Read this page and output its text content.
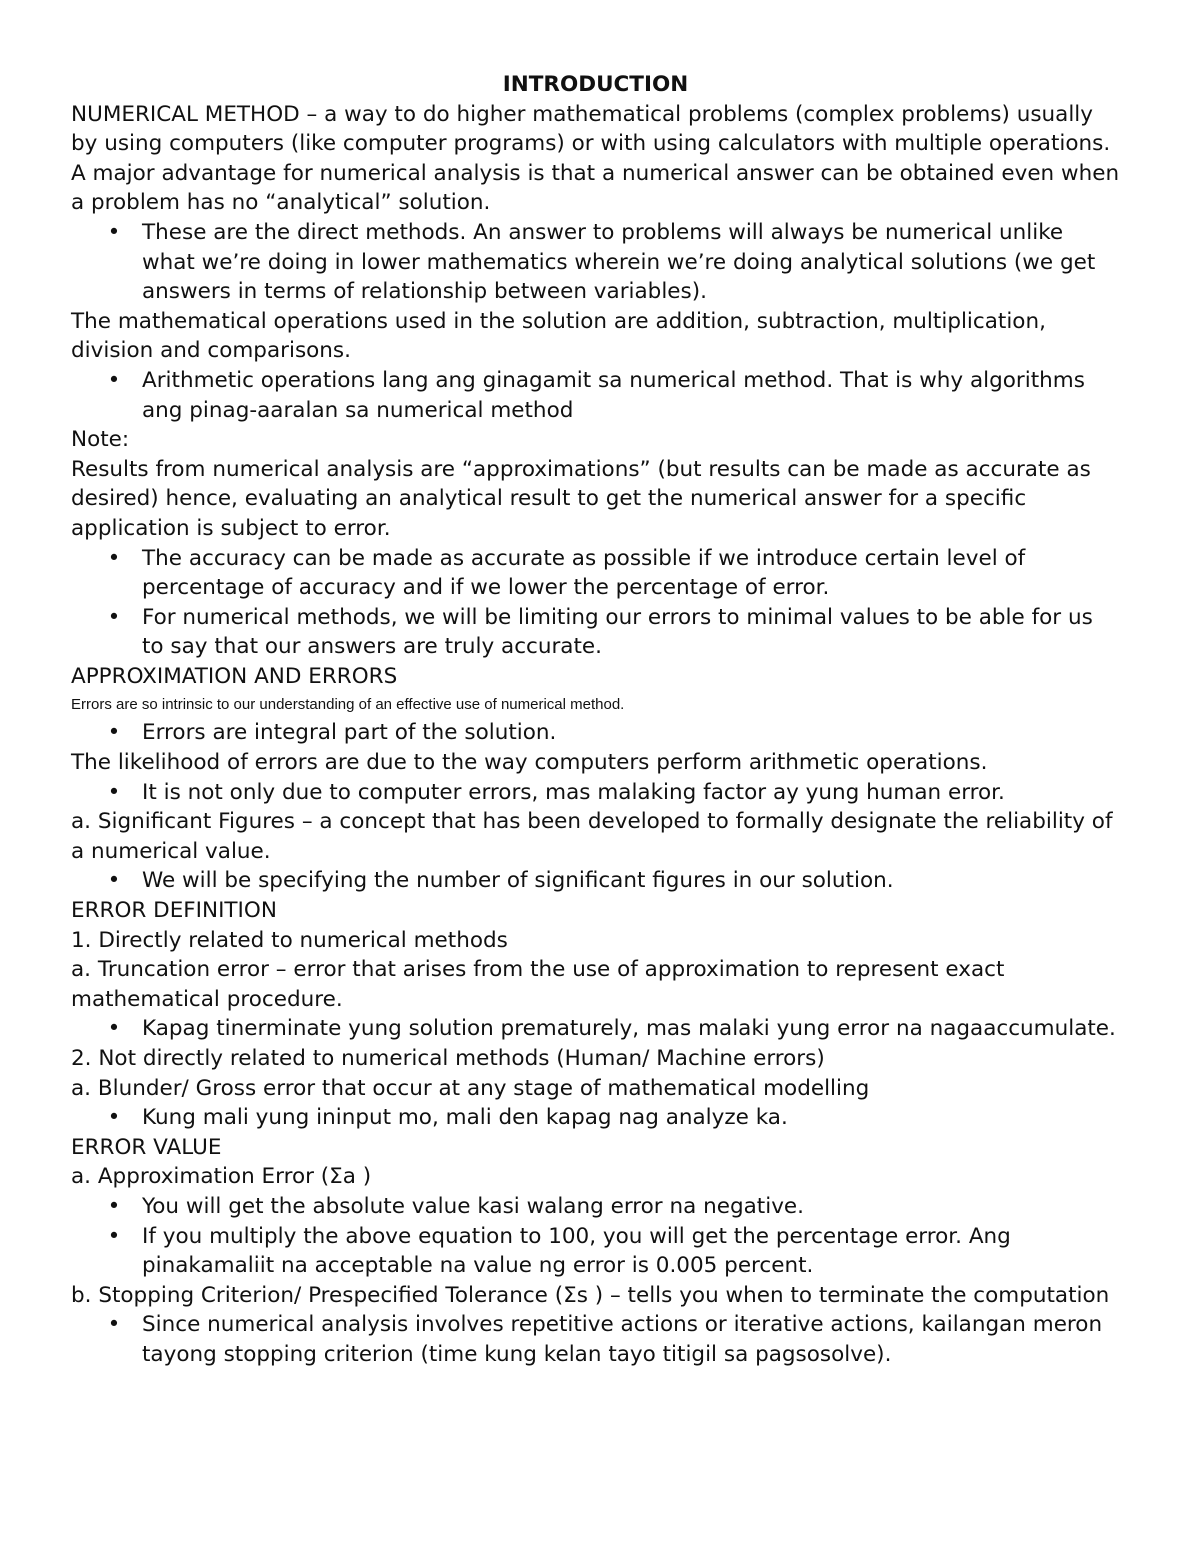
INTRODUCTION

NUMERICAL METHOD – a way to do higher mathematical problems (complex problems) usually by using computers (like computer programs) or with using calculators with multiple operations.

A major advantage for numerical analysis is that a numerical answer can be obtained even when a problem has no “analytical” solution.

• These are the direct methods. An answer to problems will always be numerical unlike what we’re doing in lower mathematics wherein we’re doing analytical solutions (we get answers in terms of relationship between variables).

The mathematical operations used in the solution are addition, subtraction, multiplication, division and comparisons.

• Arithmetic operations lang ang ginagamit sa numerical method. That is why algorithms ang pinag-aaralan sa numerical method

Note:

Results from numerical analysis are “approximations” (but results can be made as accurate as desired) hence, evaluating an analytical result to get the numerical answer for a specific application is subject to error.

• The accuracy can be made as accurate as possible if we introduce certain level of percentage of accuracy and if we lower the percentage of error.
• For numerical methods, we will be limiting our errors to minimal values to be able for us to say that our answers are truly accurate.

APPROXIMATION AND ERRORS

Errors are so intrinsic to our understanding of an effective use of numerical method.

• Errors are integral part of the solution.

The likelihood of errors are due to the way computers perform arithmetic operations.

• It is not only due to computer errors, mas malaking factor ay yung human error.

a. Significant Figures – a concept that has been developed to formally designate the reliability of a numerical value.

• We will be specifying the number of significant figures in our solution.

ERROR DEFINITION

1. Directly related to numerical methods

a. Truncation error – error that arises from the use of approximation to represent exact mathematical procedure.

• Kapag tinerminate yung solution prematurely, mas malaki yung error na nagaaccumulate.

2. Not directly related to numerical methods (Human/ Machine errors)

a. Blunder/ Gross error that occur at any stage of mathematical modelling

• Kung mali yung ininput mo, mali den kapag nag analyze ka.

ERROR VALUE

a. Approximation Error (Σa )

• You will get the absolute value kasi walang error na negative.
• If you multiply the above equation to 100, you will get the percentage error. Ang pinakamaliit na acceptable na value ng error is 0.005 percent.

b. Stopping Criterion/ Prespecified Tolerance (Σs ) – tells you when to terminate the computation

• Since numerical analysis involves repetitive actions or iterative actions, kailangan meron tayong stopping criterion (time kung kelan tayo titigil sa pagsosolve).
